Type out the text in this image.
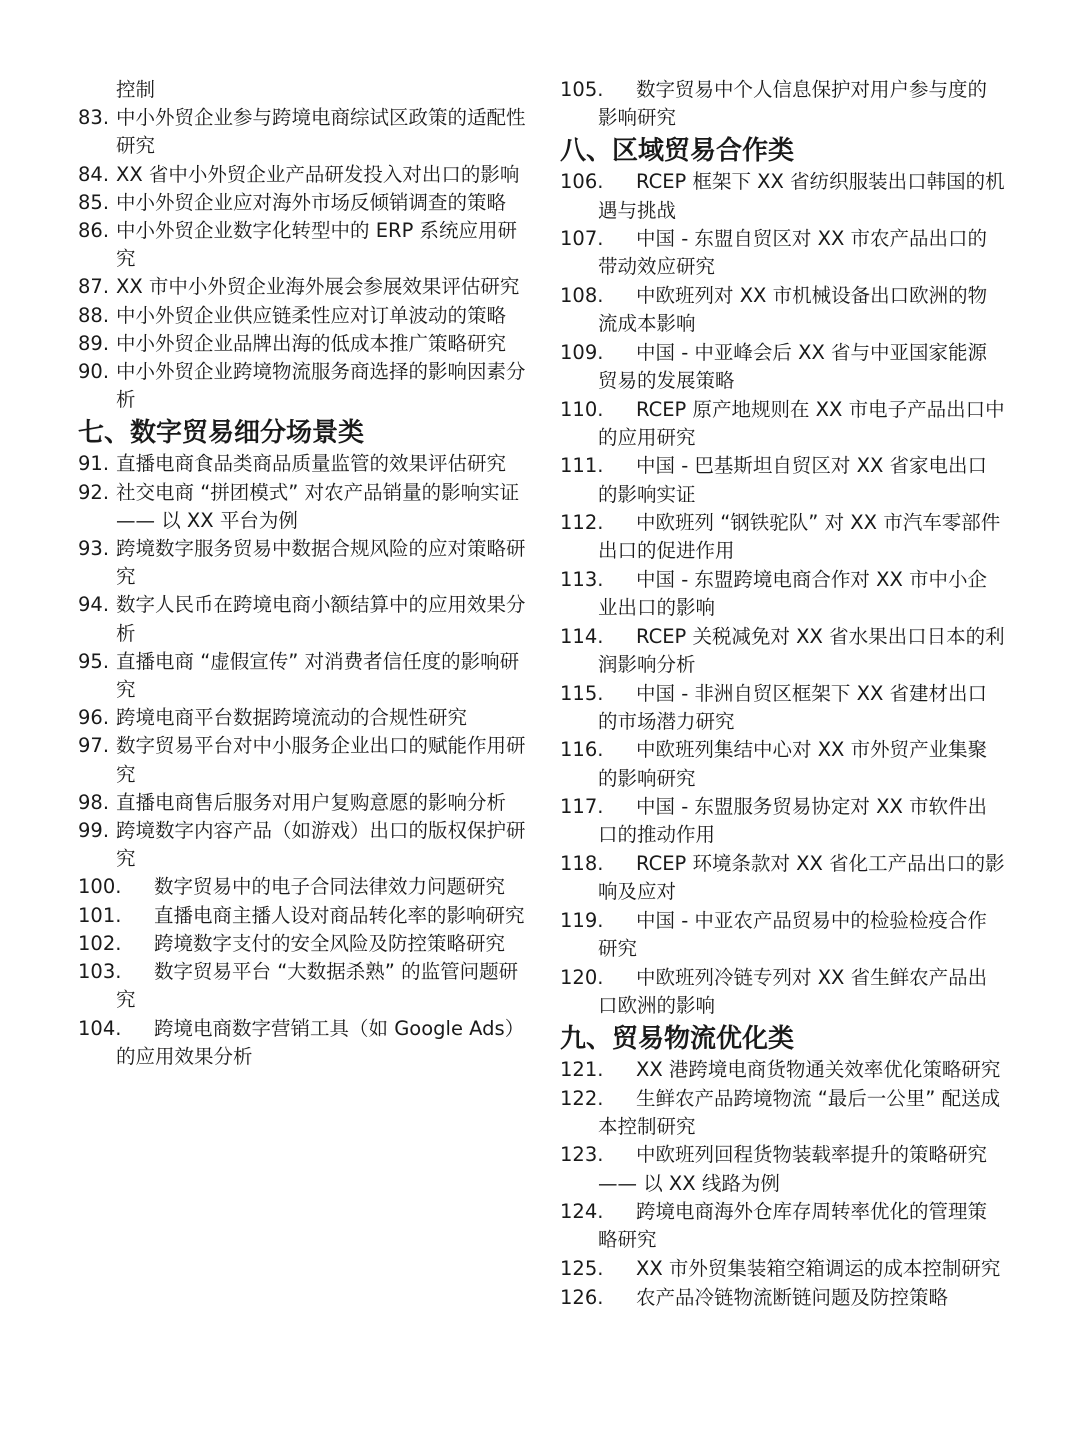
控制
83. 中小外贸企业参与跨境电商综试区政策的适配性研究
84. XX 省中小外贸企业产品研发投入对出口的影响
85. 中小外贸企业应对海外市场反倾销调查的策略
86. 中小外贸企业数字化转型中的 ERP 系统应用研究
87. XX 市中小外贸企业海外展会参展效果评估研究
88. 中小外贸企业供应链柔性应对订单波动的策略
89. 中小外贸企业品牌出海的低成本推广策略研究
90. 中小外贸企业跨境物流服务商选择的影响因素分析
七、数字贸易细分场景类
91. 直播电商食品类商品质量监管的效果评估研究
92. 社交电商 “拼团模式” 对农产品销量的影响实证 —— 以 XX 平台为例
93. 跨境数字服务贸易中数据合规风险的应对策略研究
94. 数字人民币在跨境电商小额结算中的应用效果分析
95. 直播电商 “虚假宣传” 对消费者信任度的影响研究
96. 跨境电商平台数据跨境流动的合规性研究
97. 数字贸易平台对中小服务企业出口的赋能作用研究
98. 直播电商售后服务对用户复购意愿的影响分析
99. 跨境数字内容产品（如游戏）出口的版权保护研究
100.	数字贸易中的电子合同法律效力问题研究
101.	直播电商主播人设对商品转化率的影响研究
102.	跨境数字支付的安全风险及防控策略研究
103.	数字贸易平台 “大数据杀熟” 的监管问题研究
104.	跨境电商数字营销工具（如 Google Ads）的应用效果分析
105.	数字贸易中个人信息保护对用户参与度的影响研究
八、区域贸易合作类
106.	RCEP 框架下 XX 省纺织服装出口韩国的机遇与挑战
107.	中国 - 东盟自贸区对 XX 市农产品出口的带动效应研究
108.	中欧班列对 XX 市机械设备出口欧洲的物流成本影响
109.	中国 - 中亚峰会后 XX 省与中亚国家能源贸易的发展策略
110.	RCEP 原产地规则在 XX 市电子产品出口中的应用研究
111.	中国 - 巴基斯坦自贸区对 XX 省家电出口的影响实证
112.	中欧班列 “钢铁驼队” 对 XX 市汽车零部件出口的促进作用
113.	中国 - 东盟跨境电商合作对 XX 市中小企业出口的影响
114.	RCEP 关税减免对 XX 省水果出口日本的利润影响分析
115.	中国 - 非洲自贸区框架下 XX 省建材出口的市场潜力研究
116.	中欧班列集结中心对 XX 市外贸产业集聚的影响研究
117.	中国 - 东盟服务贸易协定对 XX 市软件出口的推动作用
118.	RCEP 环境条款对 XX 省化工产品出口的影响及应对
119.	中国 - 中亚农产品贸易中的检验检疫合作研究
120.	中欧班列冷链专列对 XX 省生鲜农产品出口欧洲的影响
九、贸易物流优化类
121.	XX 港跨境电商货物通关效率优化策略研究
122.	生鲜农产品跨境物流 “最后一公里” 配送成本控制研究
123.	中欧班列回程货物装载率提升的策略研究 —— 以 XX 线路为例
124.	跨境电商海外仓库存周转率优化的管理策略研究
125.	XX 市外贸集装箱空箱调运的成本控制研究
126.	农产品冷链物流断链问题及防控策略
